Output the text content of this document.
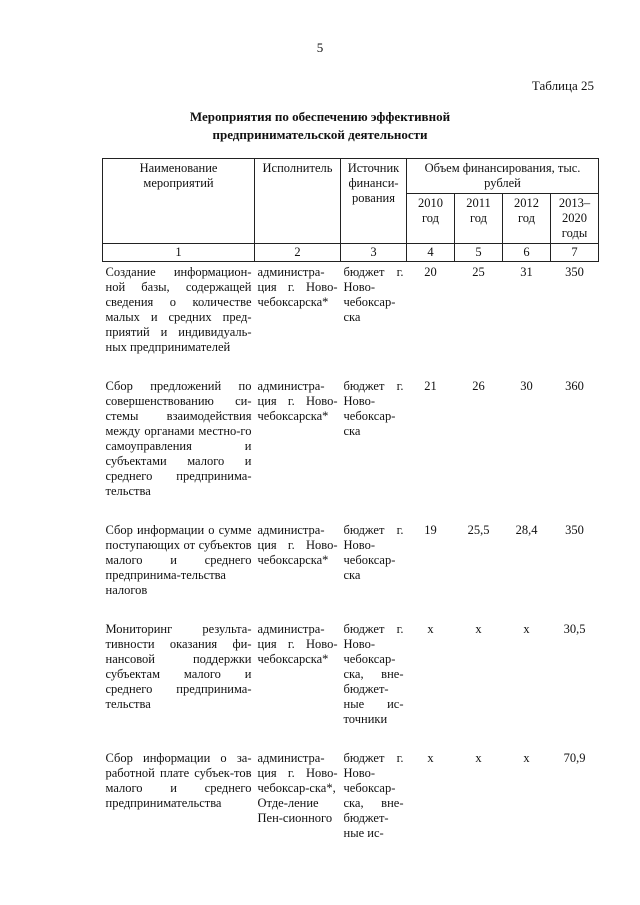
5
Таблица 25
Мероприятия по обеспечению эффективной
предпринимательской деятельности
Наименование мероприятий	Исполнитель	Источник финанси-рования	Объем финансирования, тыс. рублей			
			2010 год	2011 год	2012 год	2013–2020 годы
1	2	3	4	5	6	7
Создание информацион-ной базы, содержащей сведения о количестве малых и средних пред-приятий и индивидуаль-ных предпринимателей	администра-ция г. Ново-чебоксарска*	бюджет г. Ново-чебоксар-ска	20	25	31	350
Сбор предложений по совершенствованию си-стемы взаимодействия между органами местно-го самоуправления и субъектами малого и среднего предпринима-тельства	администра-ция г. Ново-чебоксарска*	бюджет г. Ново-чебоксар-ска	21	26	30	360
Сбор информации о сумме поступающих от субъектов малого и среднего предпринима-тельства налогов	администра-ция г. Ново-чебоксарска*	бюджет г. Ново-чебоксар-ска	19	25,5	28,4	350
Мониторинг результа-тивности оказания фи-нансовой поддержки субъектам малого и среднего предпринима-тельства	администра-ция г. Ново-чебоксарска*	бюджет г. Ново-чебоксар-ска, вне-бюджет-ные ис-точники	х	х	х	30,5
Сбор информации о за-работной плате субъек-тов малого и среднего предпринимательства	администра-ция г. Ново-чебоксар-ска*, Отде-ление Пен-сионного	бюджет г. Ново-чебоксар-ска, вне-бюджет-ные ис-	х	х	х	70,9
